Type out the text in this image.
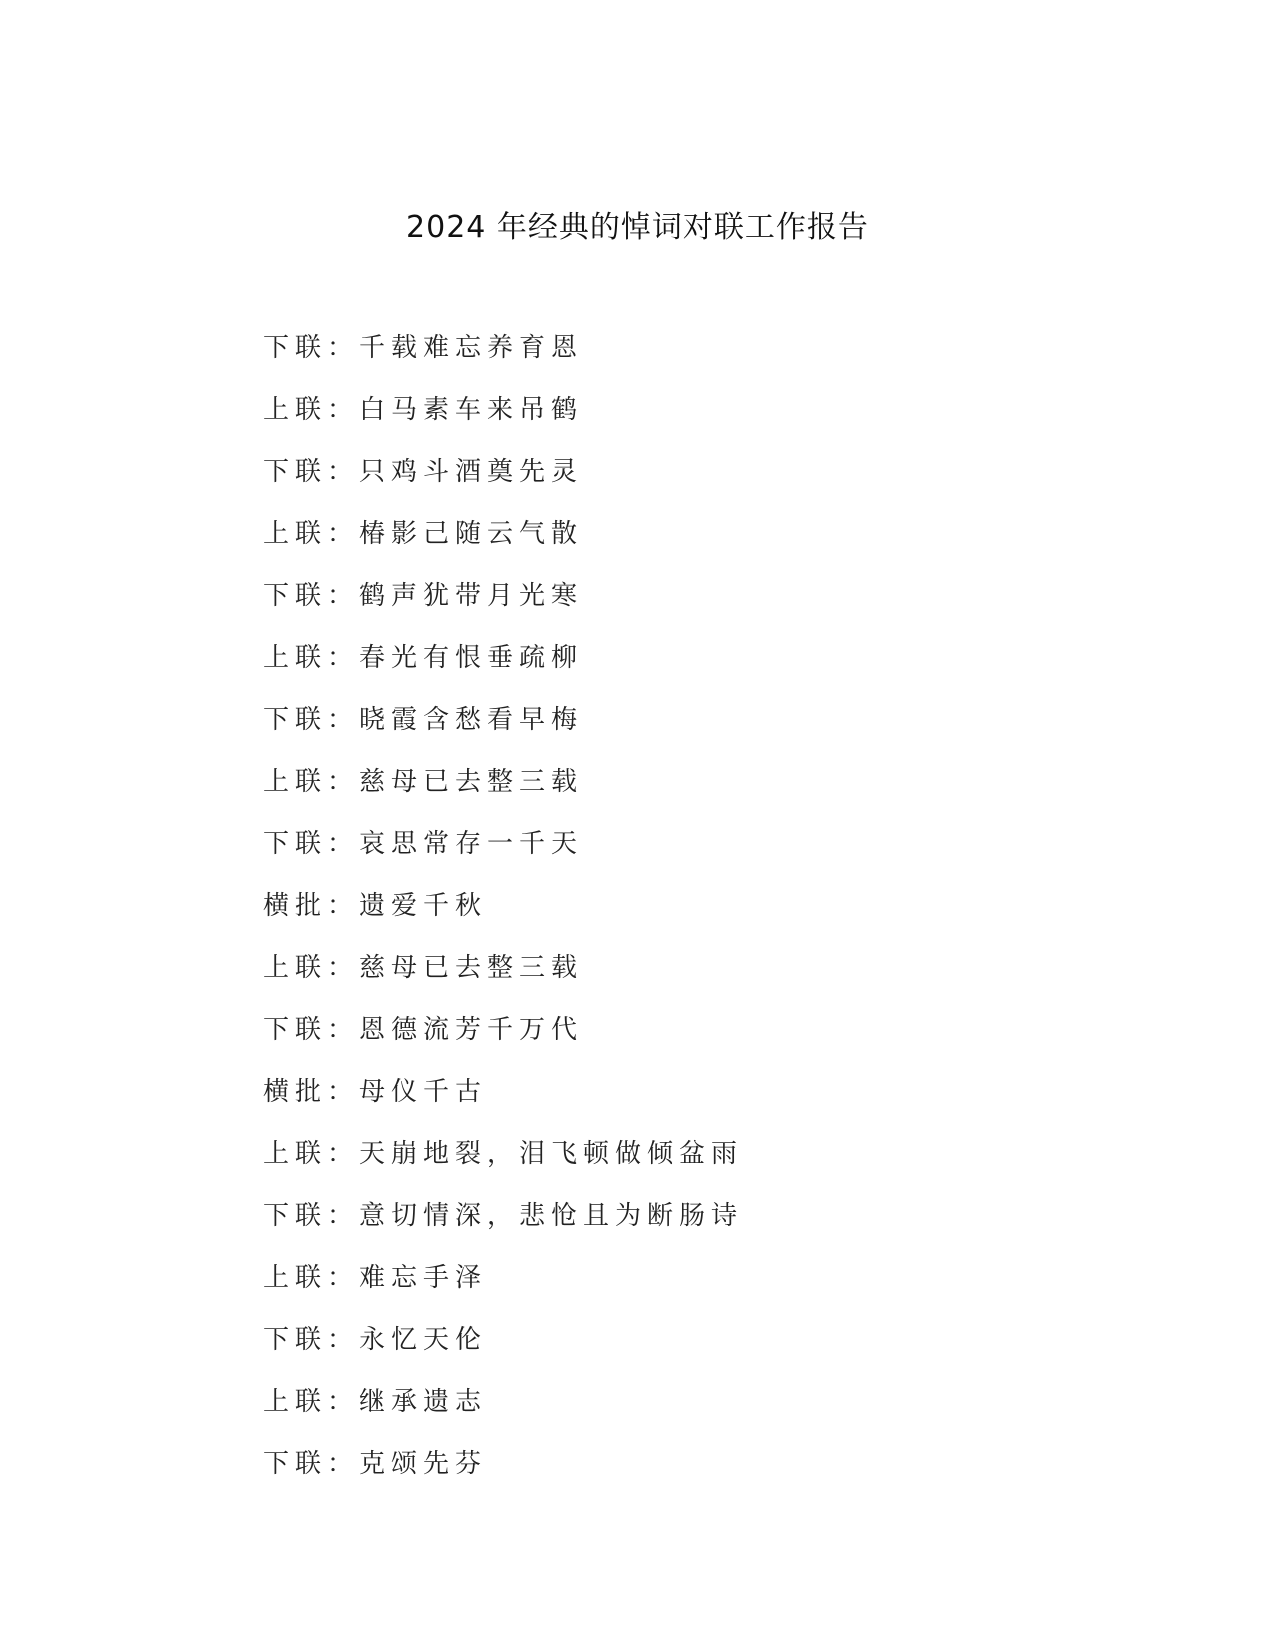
2024 年经典的悼词对联工作报告
下联：千载难忘养育恩
上联：白马素车来吊鹤
下联：只鸡斗酒奠先灵
上联：椿影己随云气散
下联：鹤声犹带月光寒
上联：春光有恨垂疏柳
下联：晓霞含愁看早梅
上联：慈母已去整三载
下联：哀思常存一千天
横批：遗爱千秋
上联：慈母已去整三载
下联：恩德流芳千万代
横批：母仪千古
上联：天崩地裂，泪飞顿做倾盆雨
下联：意切情深，悲怆且为断肠诗
上联：难忘手泽
下联：永忆天伦
上联：继承遗志
下联：克颂先芬
